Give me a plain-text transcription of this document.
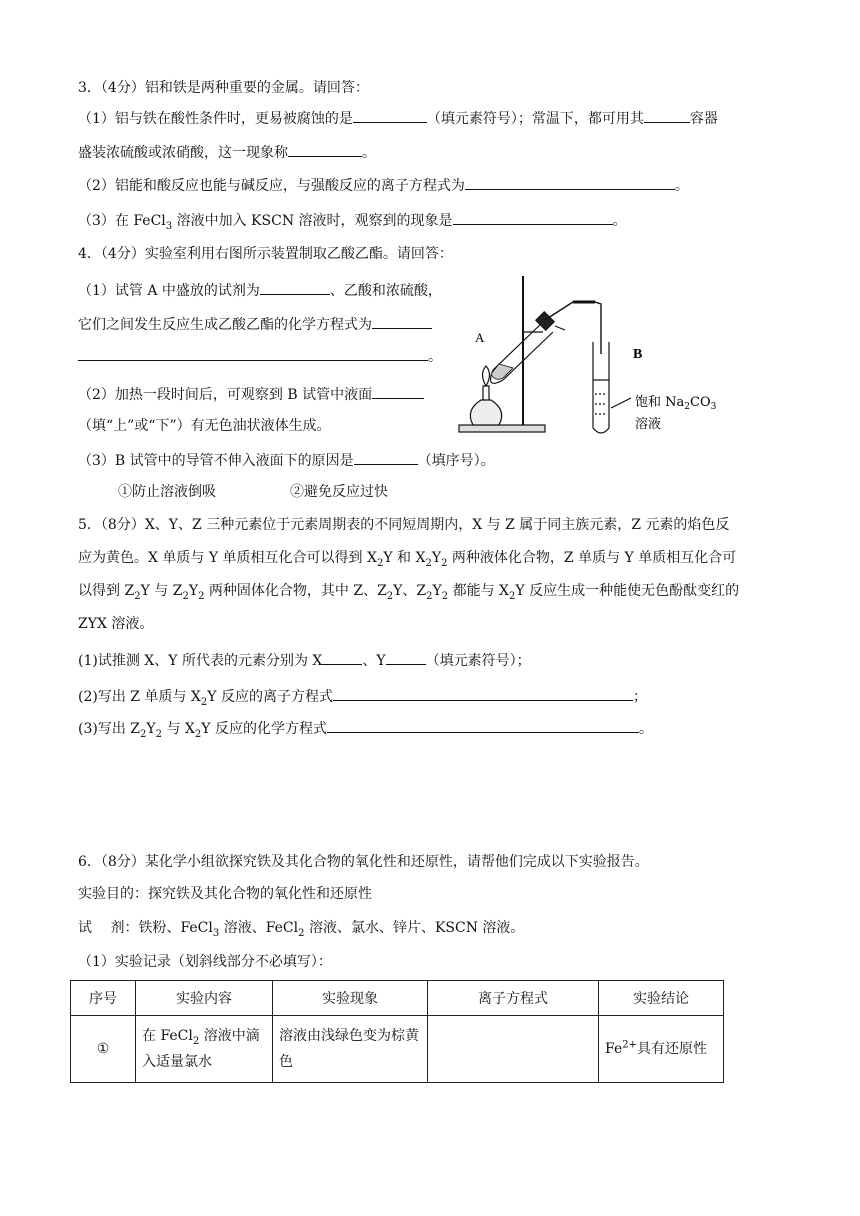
3．（4分）铝和铁是两种重要的金属。请回答：
（1）铝与铁在酸性条件时，更易被腐蚀的是	（填元素符号）；常温下，都可用其	容器
盛装浓硫酸或浓硝酸，这一现象称	。
（2）铝能和酸反应也能与碱反应，与强酸反应的离子方程式为	。
（3）在 FeCl$_3$ 溶液中加入 KSCN 溶液时，观察到的现象是	。
4．（4分）实验室利用右图所示装置制取乙酸乙酯。请回答：
（1）试管 A 中盛放的试剂为	、乙酸和浓硫酸，
它们之间发生反应生成乙酸乙酯的化学方程式为
。
（2）加热一段时间后，可观察到 B 试管中液面
（填“上”或“下”）有无色油状液体生成。
（3）B 试管中的导管不伸入液面下的原因是	（填序号）。
①防止溶液倒吸	②避免反应过快
A
B
饱和 $Na_2CO_3$
溶液
5．（8分）X、Y、Z 三种元素位于元素周期表的不同短周期内，X 与 Z 属于同主族元素，Z 元素的焰色反
应为黄色。X 单质与 Y 单质相互化合可以得到 $X_2Y$ 和 $X_2Y_2$ 两种液体化合物，Z 单质与 Y 单质相互化合可
以得到 $Z_2Y$ 与 $Z_2Y_2$ 两种固体化合物，其中 Z、$Z_2Y$、$Z_2Y_2$ 都能与 $X_2Y$ 反应生成一种能使无色酚酞变红的
ZYX 溶液。
(1)试推测 X、Y 所代表的元素分别为 X	、Y	（填元素符号）；
(2)写出 Z 单质与 $X_2Y$ 反应的离子方程式	；
(3)写出 $Z_2Y_2$ 与 $X_2Y$ 反应的化学方程式	。
6．（8分）某化学小组欲探究铁及其化合物的氧化性和还原性，请帮他们完成以下实验报告。
实验目的：探究铁及其化合物的氧化性和还原性
试　 剂：铁粉、FeCl$_3$ 溶液、FeCl$_2$ 溶液、氯水、锌片、KSCN 溶液。
（1）实验记录（划斜线部分不必填写）：
序号	实验内容	实验现象	离子方程式	实验结论
①	在 FeCl$_2$ 溶液中滴入适量氯水	溶液由浅绿色变为棕黄色		$Fe^{2+}$具有还原性
